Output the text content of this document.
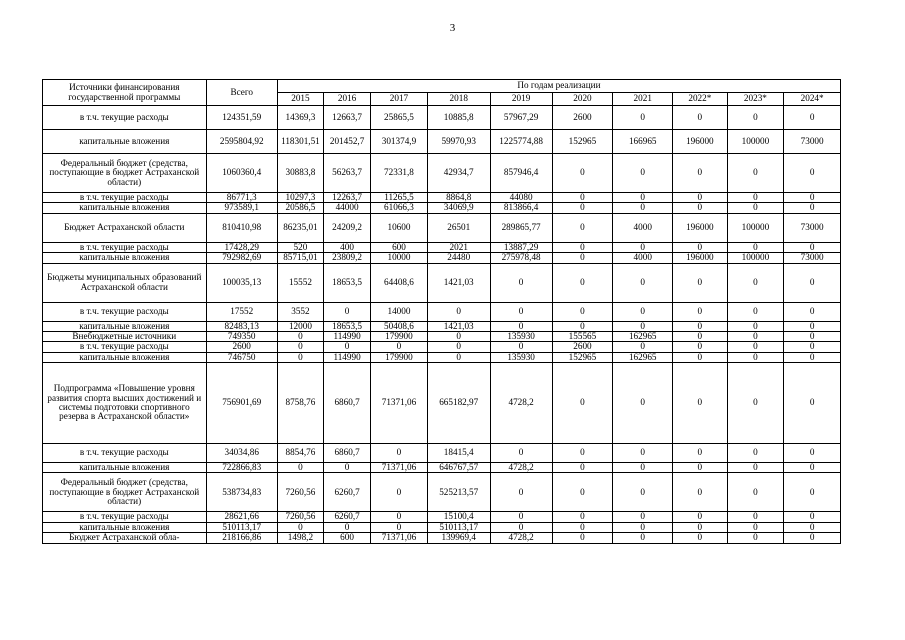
3
Источники финансирования государственной программы	Всего	По годам реализации									
		2015	2016	2017	2018	2019	2020	2021	2022*	2023*	2024*
в т.ч. текущие расходы	124351,59	14369,3	12663,7	25865,5	10885,8	57967,29	2600	0	0	0	0
капитальные вложения	2595804,92	118301,51	201452,7	301374,9	59970,93	1225774,88	152965	166965	196000	100000	73000
Федеральный бюджет (средства, поступающие в бюджет Астраханской области)	1060360,4	30883,8	56263,7	72331,8	42934,7	857946,4	0	0	0	0	0
в т.ч. текущие расходы	86771,3	10297,3	12263,7	11265,5	8864,8	44080	0	0	0	0	0
капитальные вложения	973589,1	20586,5	44000	61066,3	34069,9	813866,4	0	0	0	0	0
Бюджет Астраханской области	810410,98	86235,01	24209,2	10600	26501	289865,77	0	4000	196000	100000	73000
в т.ч. текущие расходы	17428,29	520	400	600	2021	13887,29	0	0	0	0	0
капитальные вложения	792982,69	85715,01	23809,2	10000	24480	275978,48	0	4000	196000	100000	73000
Бюджеты муниципальных образований Астраханской области	100035,13	15552	18653,5	64408,6	1421,03	0	0	0	0	0	0
в т.ч. текущие расходы	17552	3552	0	14000	0	0	0	0	0	0	0
капитальные вложения	82483,13	12000	18653,5	50408,6	1421,03	0	0	0	0	0	0
Внебюджетные источники	749350	0	114990	179900	0	135930	155565	162965	0	0	0
в т.ч. текущие расходы	2600	0	0	0	0	0	2600	0	0	0	0
капитальные вложения	746750	0	114990	179900	0	135930	152965	162965	0	0	0
Подпрограмма «Повышение уровня развития спорта высших достижений и системы подготовки спортивного резерва в Астраханской области»	756901,69	8758,76	6860,7	71371,06	665182,97	4728,2	0	0	0	0	0
в т.ч. текущие расходы	34034,86	8854,76	6860,7	0	18415,4	0	0	0	0	0	0
капитальные вложения	722866,83	0	0	71371,06	646767,57	4728,2	0	0	0	0	0
Федеральный бюджет (средства, поступающие в бюджет Астраханской области)	538734,83	7260,56	6260,7	0	525213,57	0	0	0	0	0	0
в т.ч. текущие расходы	28621,66	7260,56	6260,7	0	15100,4	0	0	0	0	0	0
капитальные вложения	510113,17	0	0	0	510113,17	0	0	0	0	0	0
Бюджет Астраханской обла-	218166,86	1498,2	600	71371,06	139969,4	4728,2	0	0	0	0	0
